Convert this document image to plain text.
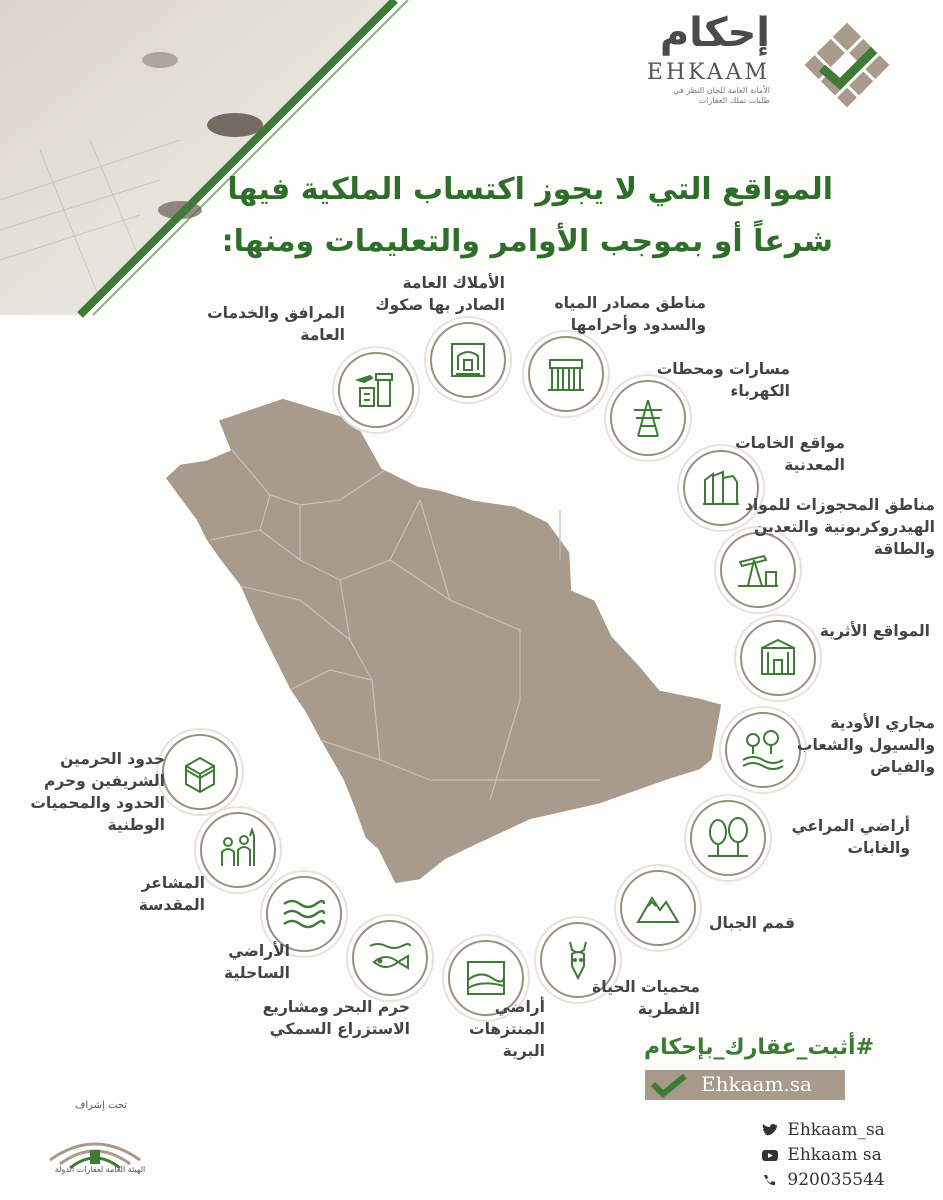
إحكام
EHKAAM
الأمانة العامة للجان النظر في طلبات تملك العقارات
المواقع التي لا يجوز اكتساب الملكية فيها
شرعاً أو بموجب الأوامر والتعليمات ومنها:
المرافق والخدمات العامة
الأملاك العامة الصادر بها صكوك	مناطق مصادر المياه والسدود وأحرامها
مسارات ومحطات الكهرباء
مواقع الخامات المعدنية
مناطق المحجوزات للمواد الهيدروكربونية والتعدين والطاقة
المواقع الأثرية
مجاري الأودية والسيول والشعاب والفياض
أراضي المراعي والغابات
قمم الجبال
محميات الحياة الفطرية
أراضي المنتزهات البرية
حرم البحر ومشاريع الاستزراع السمكي
الأراضي الساحلية
المشاعر المقدسة
حدود الحرمين الشريفين وحرم الحدود والمحميات الوطنية
#أثبت_عقارك_بإحكام
Ehkaam.sa
Ehkaam_sa
Ehkaam sa
920035544
تحت إشراف
الهيئة العامة لعقارات الدولة
